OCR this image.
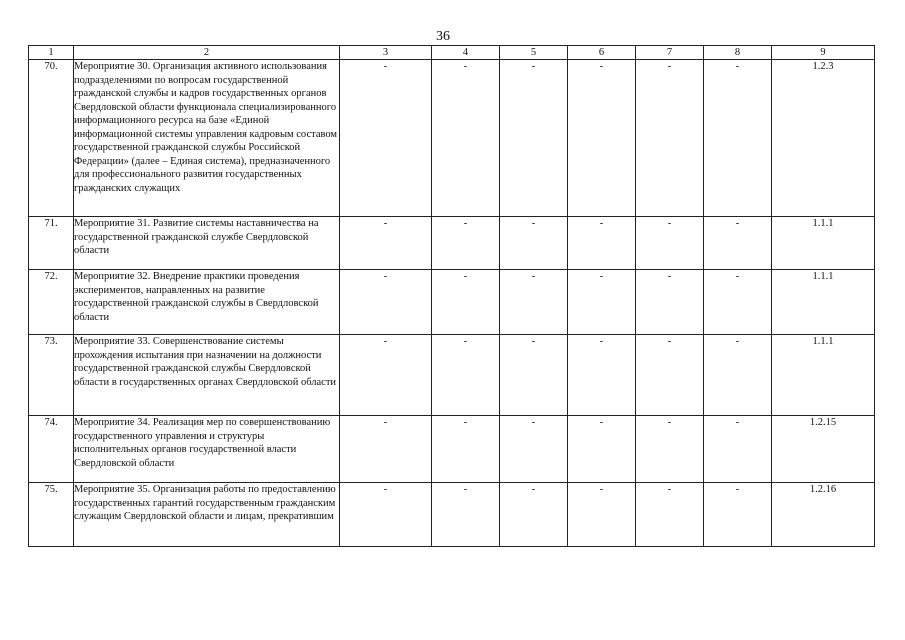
36
1	2	3	4	5	6	7	8	9
70.	Мероприятие 30. Организация активного использования подразделениями по вопросам государственной гражданской службы и кадров государственных органов Свердловской области функционала специализированного информационного ресурса на базе «Единой информационной системы управления кадровым составом государственной гражданской службы Российской Федерации» (далее – Единая система), предназначенного для профессионального развития государственных гражданских служащих	-	-	-	-	-	-	1.2.3
71.	Мероприятие 31. Развитие системы наставничества на государственной гражданской службе Свердловской области	-	-	-	-	-	-	1.1.1
72.	Мероприятие 32. Внедрение практики проведения экспериментов, направленных на развитие государственной гражданской службы в Свердловской области	-	-	-	-	-	-	1.1.1
73.	Мероприятие 33. Совершенствование системы прохождения испытания при назначении на должности государственной гражданской службы Свердловской области в государственных органах Свердловской области	-	-	-	-	-	-	1.1.1
74.	Мероприятие 34. Реализация мер по совершенствованию государственного управления и структуры исполнительных органов государственной власти Свердловской области	-	-	-	-	-	-	1.2.15
75.	Мероприятие 35. Организация работы по предоставлению государственных гарантий государственным гражданским служащим Свердловской области и лицам, прекратившим	-	-	-	-	-	-	1.2.16
